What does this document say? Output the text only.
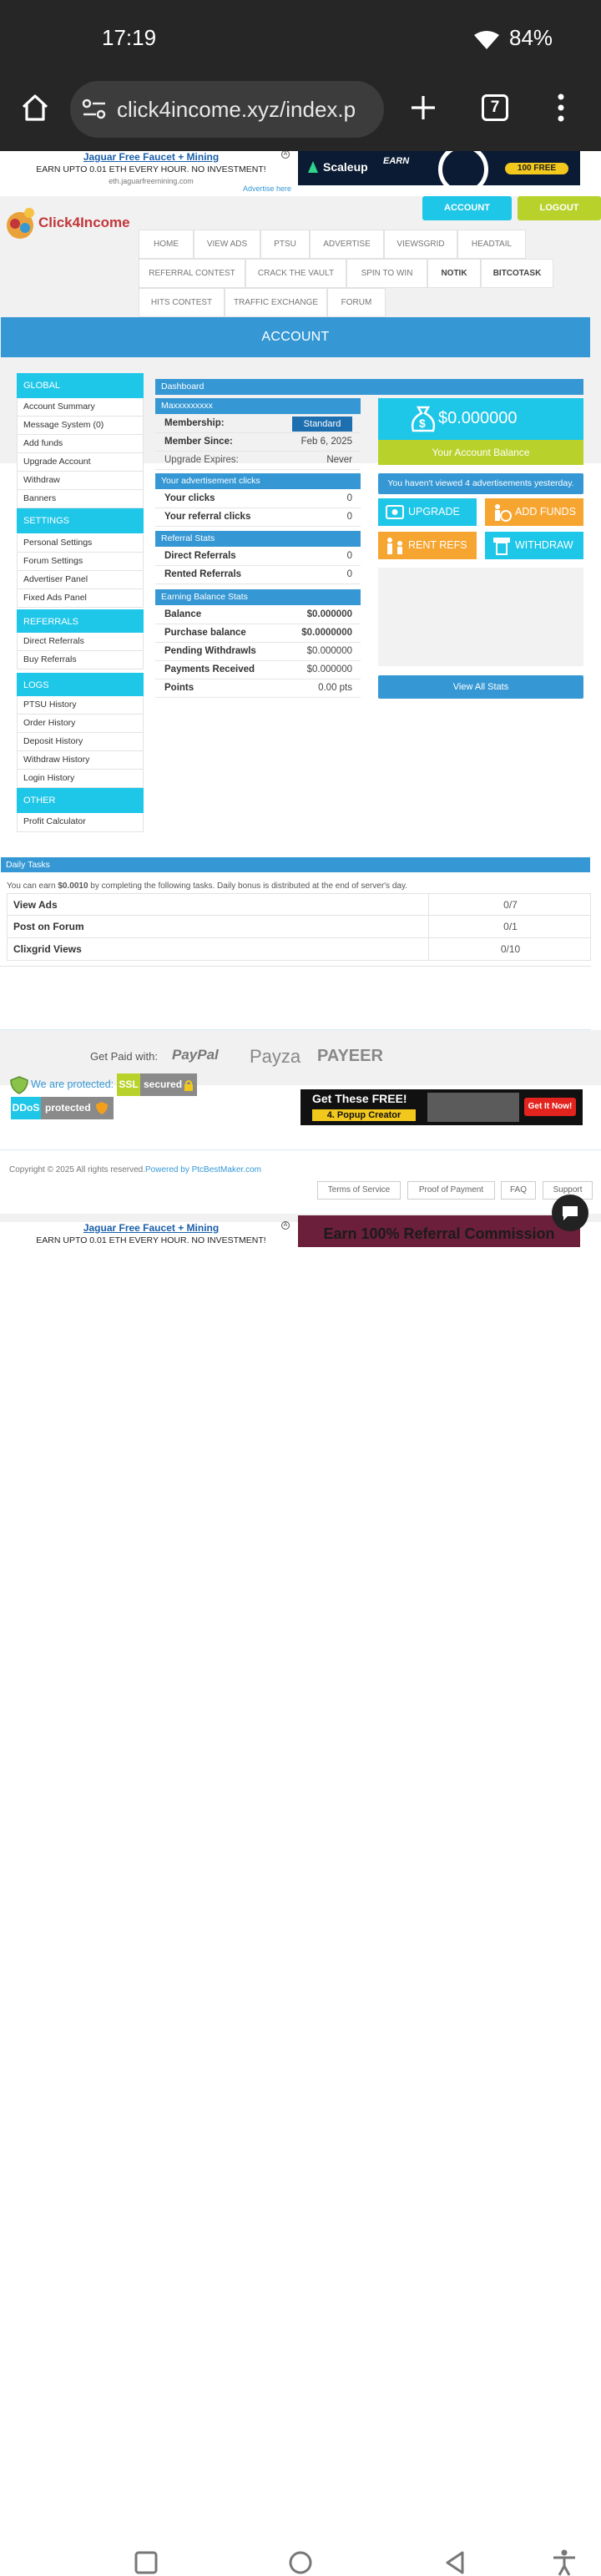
17:19	84%
click4income.xyz/index.p	7
Jaguar Free Faucet + Mining
EARN UPTO 0.01 ETH EVERY HOUR. NO INVESTMENT!
eth.jaguarfreemining.com
A
Advertise here
Scaleup EARN
100 FREE
ACCOUNT	LOGOUT
Click4Income
HOME	VIEW ADS	PTSU	ADVERTISE	VIEWSGRID	HEADTAIL
REFERRAL CONTEST	CRACK THE VAULT	SPIN TO WIN	NOTIK	BITCOTASK
HITS CONTEST	TRAFFIC EXCHANGE	FORUM
ACCOUNT
GLOBAL
Account Summary
Message System (0)
Add funds
Upgrade Account
Withdraw
Banners
SETTINGS
Personal Settings
Forum Settings
Advertiser Panel
Fixed Ads Panel
REFERRALS
Direct Referrals
Buy Referrals
LOGS
PTSU History
Order History
Deposit History
Withdraw History
Login History
OTHER
Profit Calculator
Dashboard
Maxxxxxxxxx
Membership:	Standard
Member Since:	Feb 6, 2025
Upgrade Expires:	Never
Your advertisement clicks
Your clicks	0
Your referral clicks	0
Referral Stats
Direct Referrals	0
Rented Referrals	0
Earning Balance Stats
Balance	$0.000000
Purchase balance	$0.0000000
Pending Withdrawls	$0.000000
Payments Received	$0.000000
Points	0.00 pts
$ $0.000000
Your Account Balance
You haven't viewed 4 advertisements yesterday.
UPGRADE	ADD FUNDS
RENT REFS	WITHDRAW
View All Stats
Daily Tasks
You can earn $0.0010 by completing the following tasks. Daily bonus is distributed at the end of server's day.
View Ads	0/7
Post on Forum	0/1
Clixgrid Views	0/10
Get Paid with: PayPal Payza PAYEER
We are protected: SSL secured
DDoS protected
Get These FREE!
4. Popup Creator
Get It Now!
Copyright © 2025 All rights reserved.Powered by PtcBestMaker.com
Terms of Service	Proof of Payment	FAQ	Support
Jaguar Free Faucet + Mining
EARN UPTO 0.01 ETH EVERY HOUR. NO INVESTMENT!
A
Earn 100% Referral Commission
